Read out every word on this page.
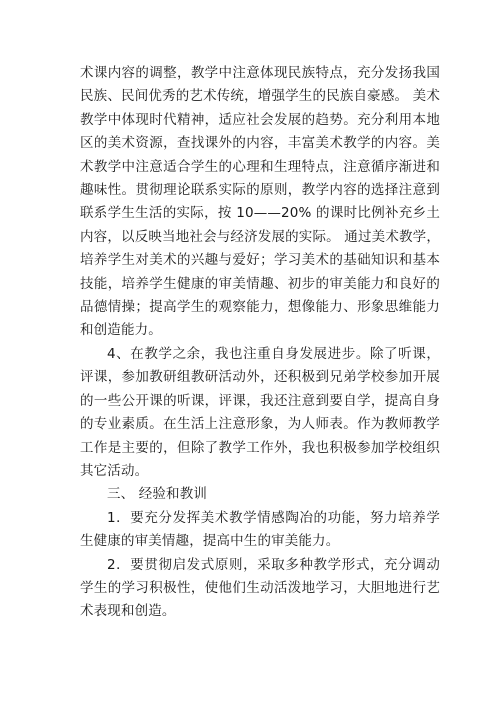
术课内容的调整，教学中注意体现民族特点，充分发扬我国民族、民间优秀的艺术传统，增强学生的民族自豪感。 美术教学中体现时代精神，适应社会发展的趋势。充分利用本地区的美术资源，查找课外的内容，丰富美术教学的内容。美术教学中注意适合学生的心理和生理特点，注意循序渐进和趣味性。贯彻理论联系实际的原则，教学内容的选择注意到联系学生生活的实际，按 10——20% 的课时比例补充乡土内容，以反映当地社会与经济发展的实际。 通过美术教学，培养学生对美术的兴趣与爱好；学习美术的基础知识和基本技能，培养学生健康的审美情趣、初步的审美能力和良好的品德情操；提高学生的观察能力，想像能力、形象思维能力和创造能力。

4、在教学之余，我也注重自身发展进步。除了听课，评课，参加教研组教研活动外，还积极到兄弟学校参加开展的一些公开课的听课，评课，我还注意到要自学，提高自身的专业素质。在生活上注意形象，为人师表。作为教师教学工作是主要的，但除了教学工作外，我也积极参加学校组织其它活动。

三、 经验和教训

1．要充分发挥美术教学情感陶冶的功能，努力培养学生健康的审美情趣，提高中生的审美能力。

2．要贯彻启发式原则，采取多种教学形式，充分调动学生的学习积极性，使他们生动活泼地学习，大胆地进行艺术表现和创造。
